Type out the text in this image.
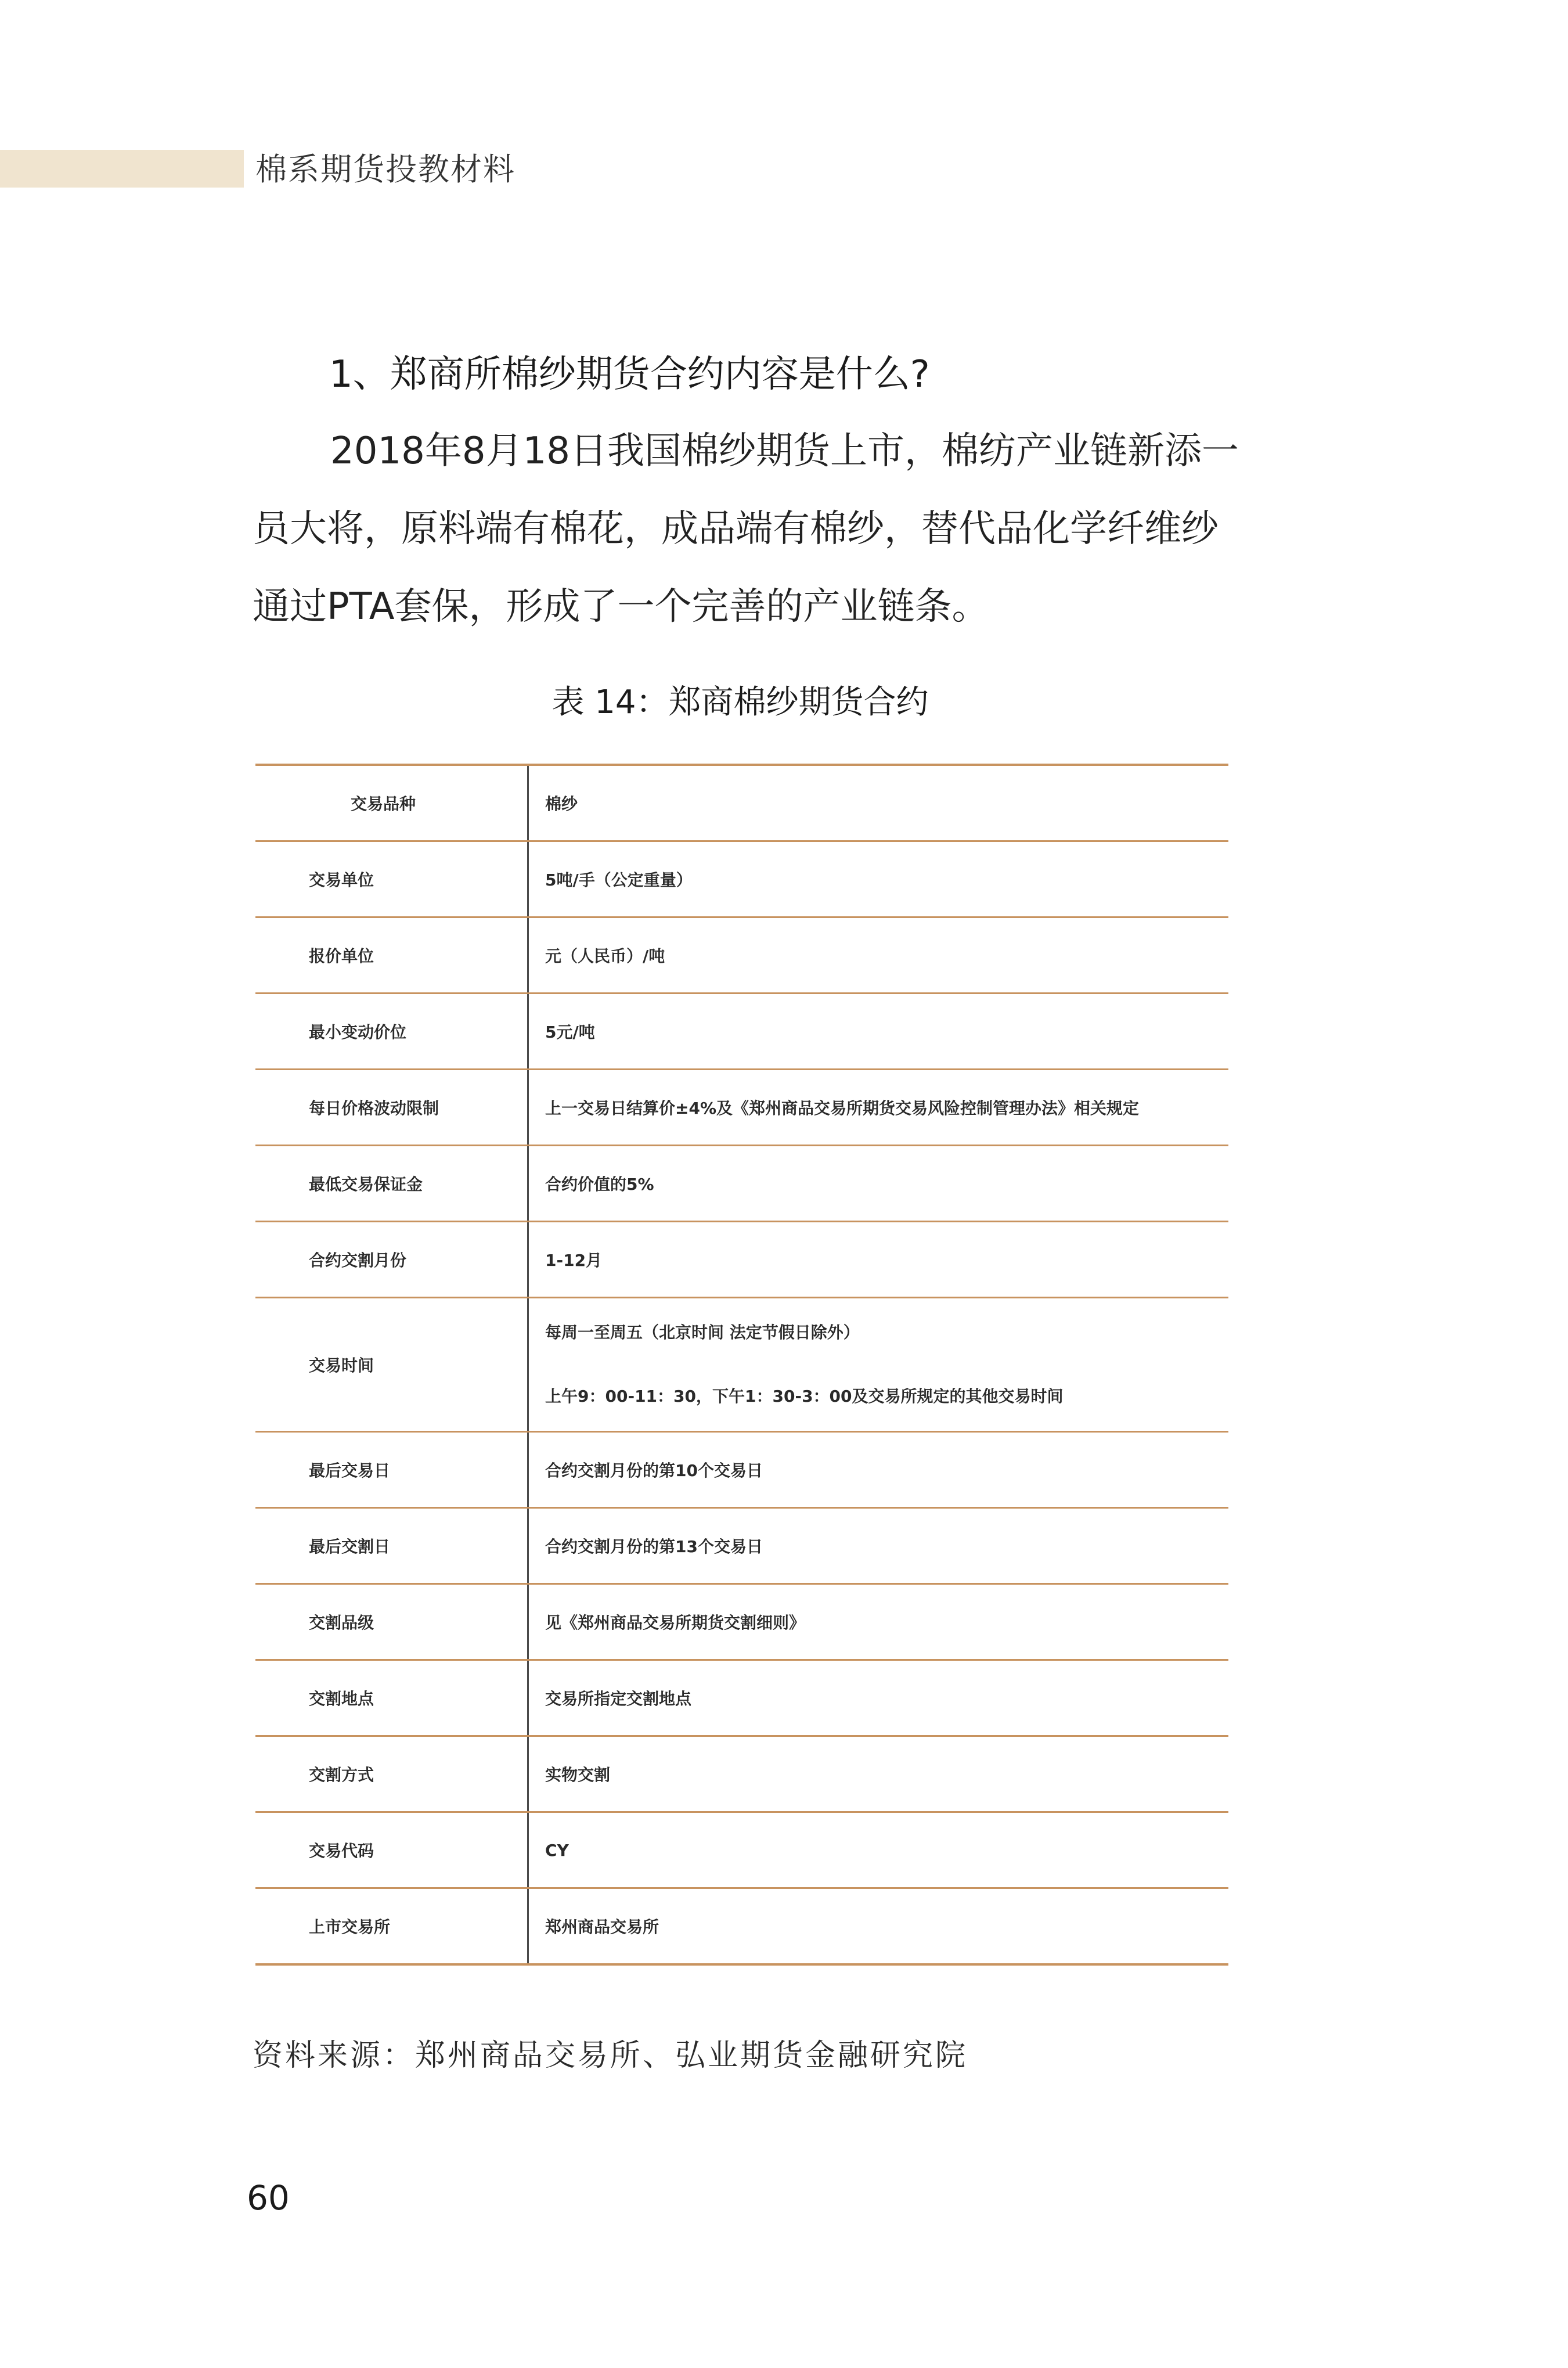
棉系期货投教材料
1、郑商所棉纱期货合约内容是什么?

2018年8月18日我国棉纱期货上市，棉纺产业链新添一员大将，原料端有棉花，成品端有棉纱，替代品化学纤维纱通过PTA套保，形成了一个完善的产业链条。

表 14：郑商棉纱期货合约
交易品种	棉纱
交易单位	5吨/手（公定重量）
报价单位	元（人民币）/吨
最小变动价位	5元/吨
每日价格波动限制	上一交易日结算价±4%及《郑州商品交易所期货交易风险控制管理办法》相关规定
最低交易保证金	合约价值的5%
合约交割月份	1-12月
交易时间	每周一至周五（北京时间 法定节假日除外）
上午9：00-11：30，下午1：30-3：00及交易所规定的其他交易时间

最后交易日	合约交割月份的第10个交易日
最后交割日	合约交割月份的第13个交易日
交割品级	见《郑州商品交易所期货交割细则》
交割地点	交易所指定交割地点
交割方式	实物交割
交易代码	CY
上市交易所	郑州商品交易所
资料来源：郑州商品交易所、弘业期货金融研究院
60
